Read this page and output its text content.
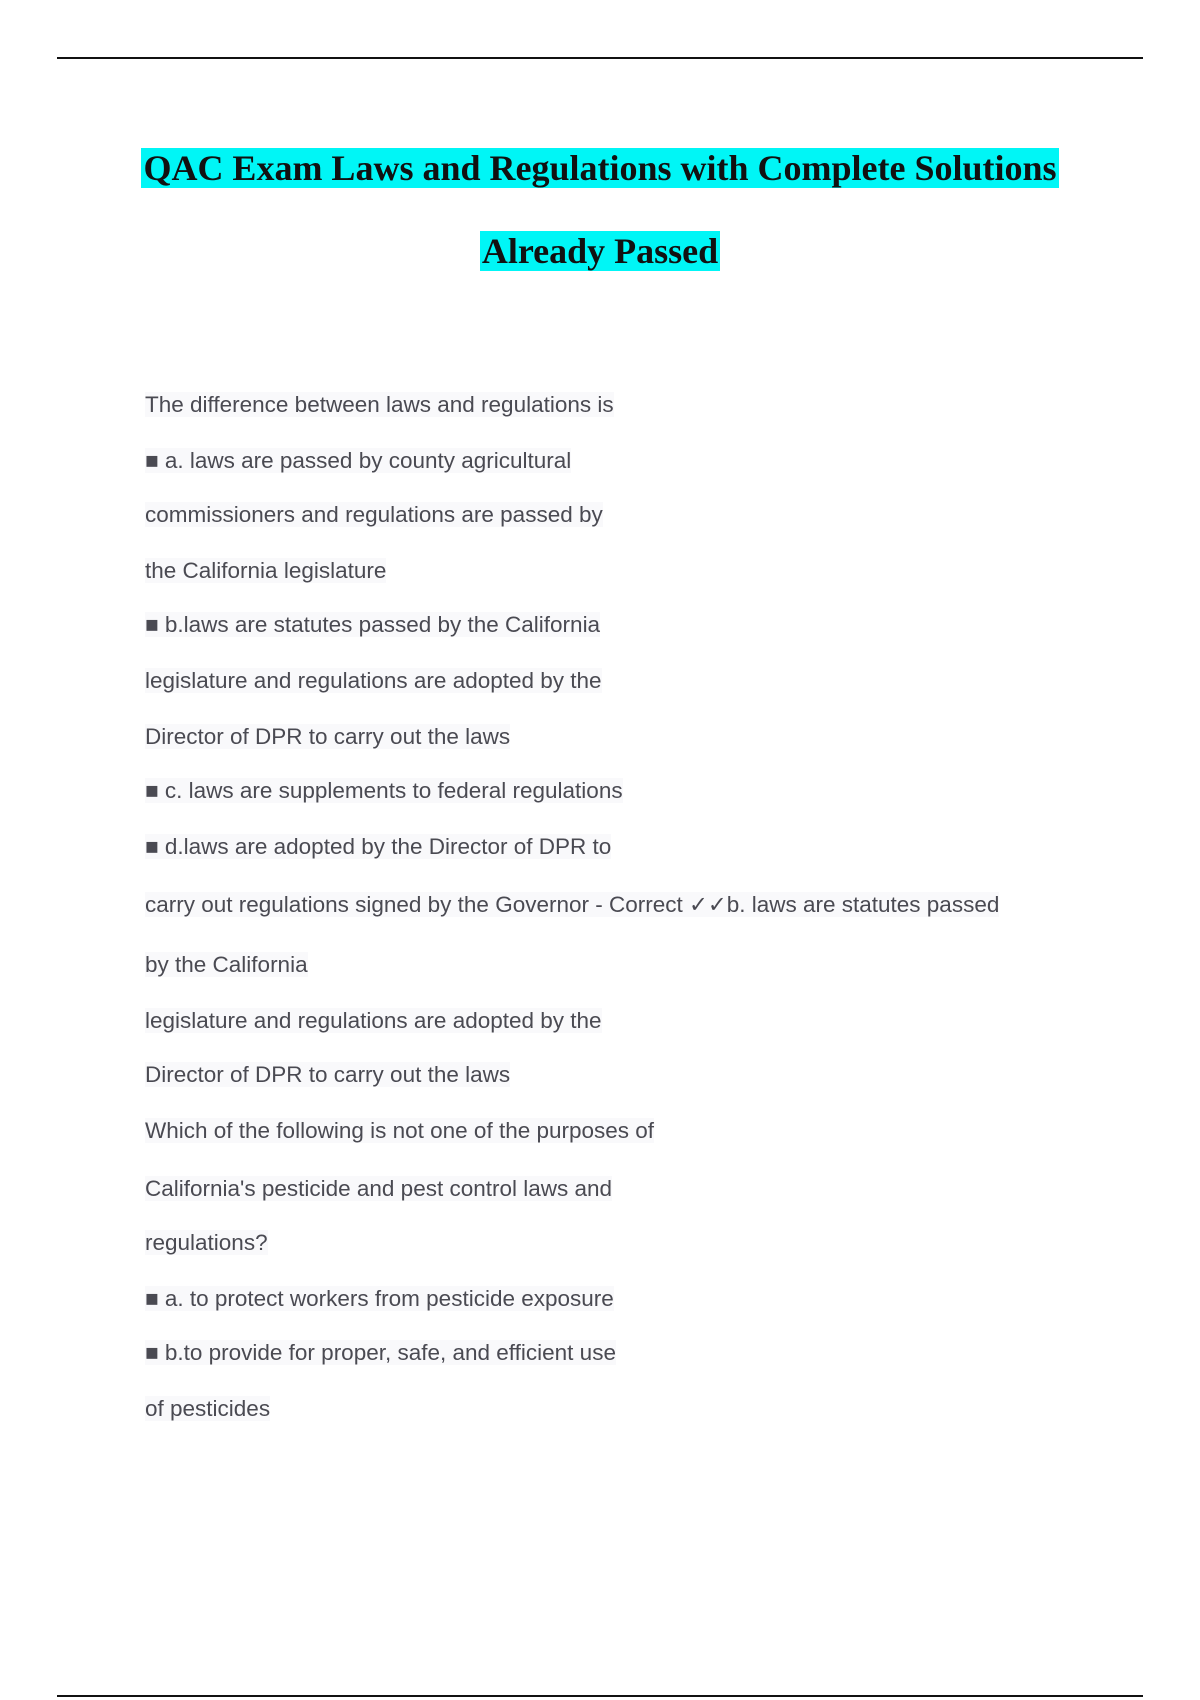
QAC Exam Laws and Regulations with Complete Solutions
Already Passed
The difference between laws and regulations is
■ a. laws are passed by county agricultural
commissioners and regulations are passed by
the California legislature
■ b.laws are statutes passed by the California
legislature and regulations are adopted by the
Director of DPR to carry out the laws
■ c. laws are supplements to federal regulations
■ d.laws are adopted by the Director of DPR to
carry out regulations signed by the Governor - Correct ✓✓b. laws are statutes passed
by the California
legislature and regulations are adopted by the
Director of DPR to carry out the laws
Which of the following is not one of the purposes of
California's pesticide and pest control laws and
regulations?
■ a. to protect workers from pesticide exposure
■ b.to provide for proper, safe, and efficient use
of pesticides
